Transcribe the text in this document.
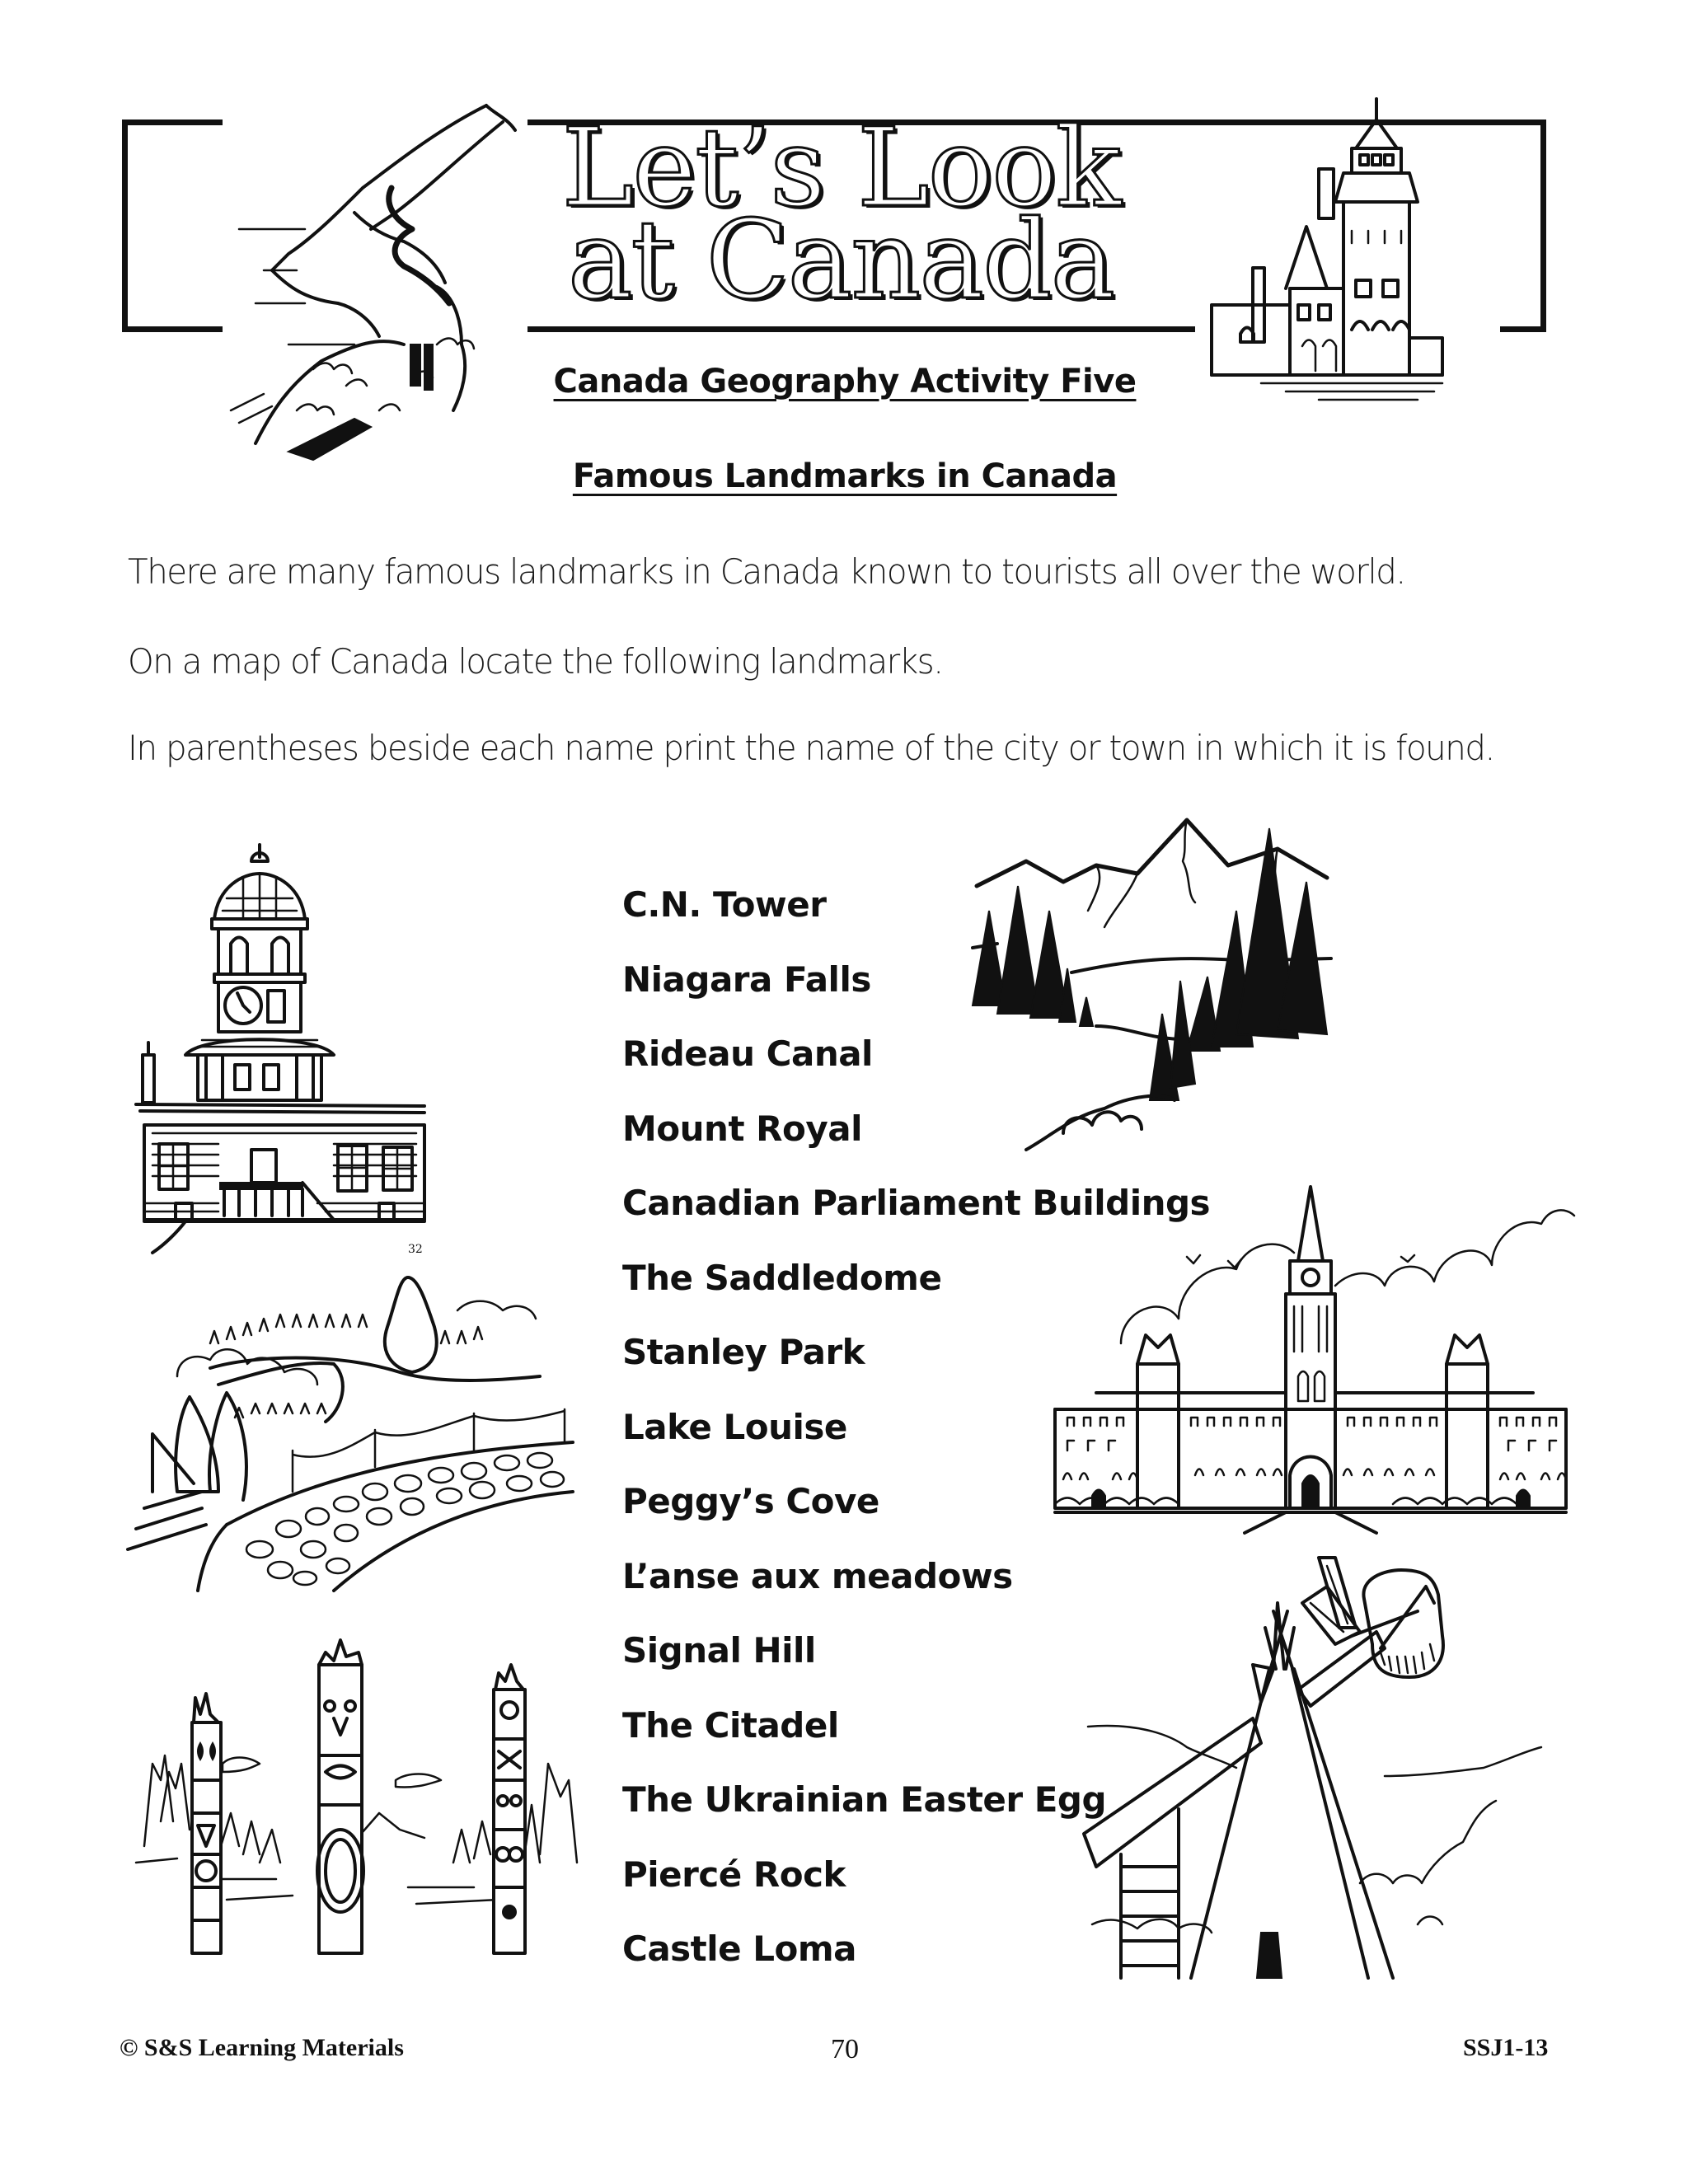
Let’s Look
at Canada
Canada Geography Activity Five
Famous Landmarks in Canada
There are many famous landmarks in Canada known to tourists all over the world.
On a map of Canada locate the following landmarks.
In parentheses beside each name print the name of the city or town in which it is found.
C.N. Tower
Niagara Falls
Rideau Canal
Mount Royal
Canadian Parliament Buildings
The Saddledome
Stanley Park
Lake Louise
Peggy’s Cove
L’anse aux meadows
Signal Hill
The Citadel
The Ukrainian Easter Egg
Piercé Rock
Castle Loma
32
© S&S Learning Materials	70	SSJ1-13
